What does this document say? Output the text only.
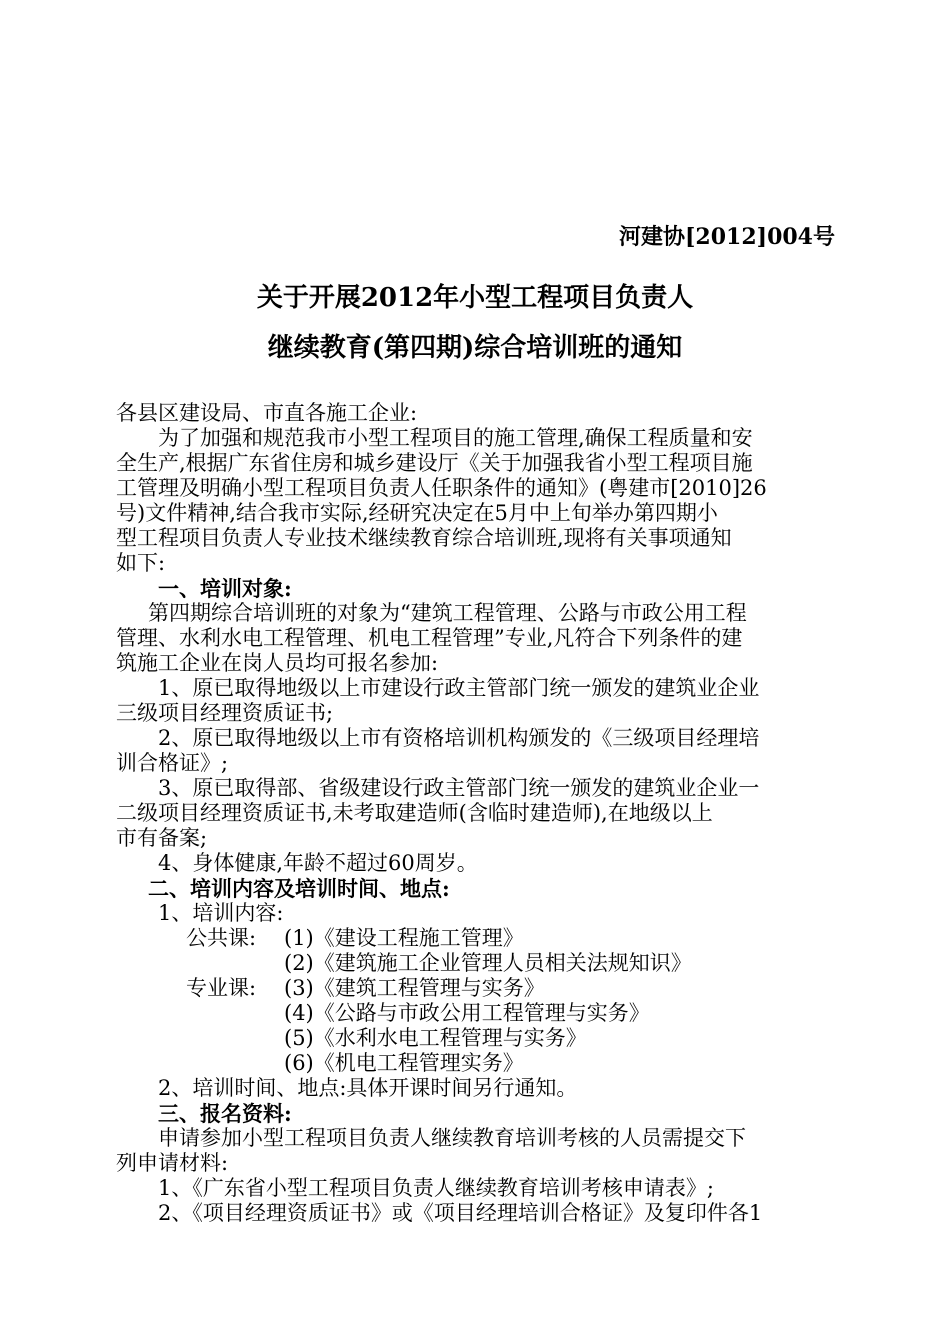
河建协[2012]004号
关于开展2012年小型工程项目负责人
继续教育(第四期)综合培训班的通知
各县区建设局、市直各施工企业:
为了加强和规范我市小型工程项目的施工管理,确保工程质量和安
全生产,根据广东省住房和城乡建设厅《关于加强我省小型工程项目施
工管理及明确小型工程项目负责人任职条件的通知》(粤建市[2010]26
号)文件精神,结合我市实际,经研究决定在5月中上旬举办第四期小
型工程项目负责人专业技术继续教育综合培训班,现将有关事项通知
如下:
一、培训对象:
第四期综合培训班的对象为“建筑工程管理、公路与市政公用工程
管理、水利水电工程管理、机电工程管理”专业,凡符合下列条件的建
筑施工企业在岗人员均可报名参加:
1、原已取得地级以上市建设行政主管部门统一颁发的建筑业企业
三级项目经理资质证书;
2、原已取得地级以上市有资格培训机构颁发的《三级项目经理培
训合格证》;
3、原已取得部、省级建设行政主管部门统一颁发的建筑业企业一
二级项目经理资质证书,未考取建造师(含临时建造师),在地级以上
市有备案;
4、身体健康,年龄不超过60周岁。
二、培训内容及培训时间、地点:
1、培训内容:
公共课: (1)《建设工程施工管理》
(2)《建筑施工企业管理人员相关法规知识》
专业课: (3)《建筑工程管理与实务》
(4)《公路与市政公用工程管理与实务》
(5)《水利水电工程管理与实务》
(6)《机电工程管理实务》
2、培训时间、地点:具体开课时间另行通知。
三、报名资料:
申请参加小型工程项目负责人继续教育培训考核的人员需提交下
列申请材料:
1、《广东省小型工程项目负责人继续教育培训考核申请表》;
2、《项目经理资质证书》或《项目经理培训合格证》及复印件各1
